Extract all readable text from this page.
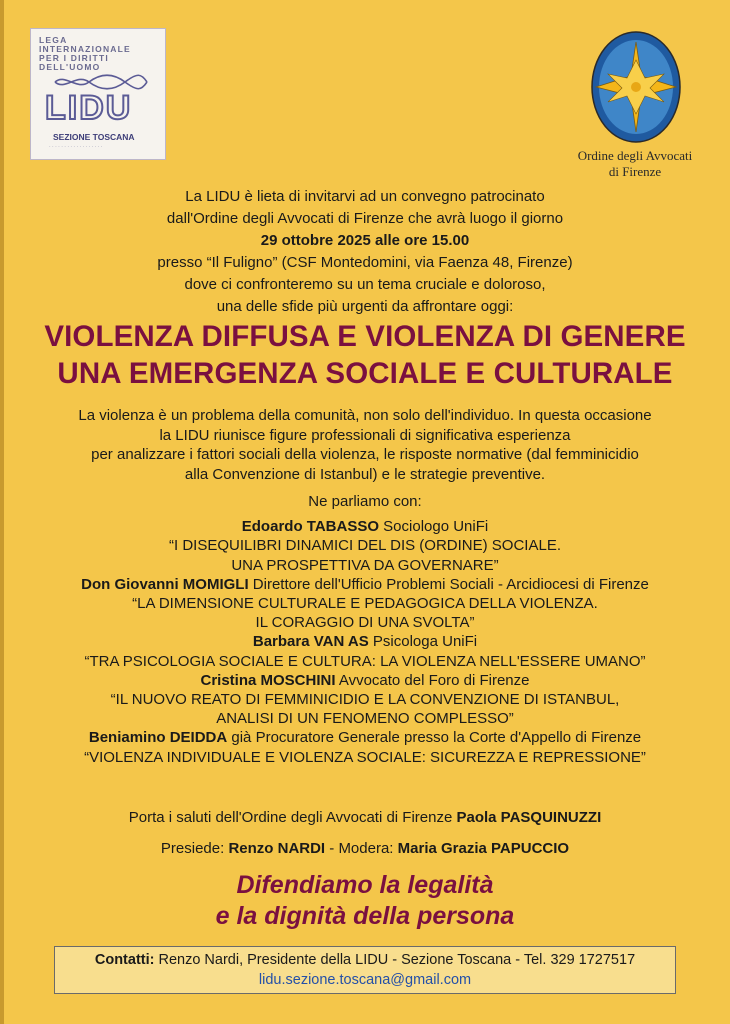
LEGA
INTERNAZIONALE
PER I DIRITTI
DELL'UOMO
LIDU
SEZIONE TOSCANA
· · · · · · · · · · · · · · · · · ·
Ordine degli Avvocati
di Firenze
La LIDU è lieta di invitarvi ad un convegno patrocinato
dall'Ordine degli Avvocati di Firenze che avrà luogo il giorno
29 ottobre 2025 alle ore 15.00
presso “Il Fuligno” (CSF Montedomini, via Faenza 48, Firenze)
dove ci confronteremo su un tema cruciale e doloroso,
una delle sfide più urgenti da affrontare oggi:
VIOLENZA DIFFUSA E VIOLENZA DI GENERE
UNA EMERGENZA SOCIALE E CULTURALE
La violenza è un problema della comunità, non solo dell'individuo. In questa occasione
la LIDU riunisce figure professionali di significativa esperienza
per analizzare i fattori sociali della violenza, le risposte normative (dal femminicidio
alla Convenzione di Istanbul) e le strategie preventive.
Ne parliamo con:
Edoardo TABASSO Sociologo UniFi
“I DISEQUILIBRI DINAMICI DEL DIS (ORDINE) SOCIALE.
UNA PROSPETTIVA DA GOVERNARE”
Don Giovanni MOMIGLI Direttore dell'Ufficio Problemi Sociali - Arcidiocesi di Firenze
“LA DIMENSIONE CULTURALE E PEDAGOGICA DELLA VIOLENZA.
IL CORAGGIO DI UNA SVOLTA”
Barbara VAN AS Psicologa UniFi
“TRA PSICOLOGIA SOCIALE E CULTURA: LA VIOLENZA NELL'ESSERE UMANO”
Cristina MOSCHINI Avvocato del Foro di Firenze
“IL NUOVO REATO DI FEMMINICIDIO E LA CONVENZIONE DI ISTANBUL,
ANALISI DI UN FENOMENO COMPLESSO”
Beniamino DEIDDA già Procuratore Generale presso la Corte d'Appello di Firenze
“VIOLENZA INDIVIDUALE E VIOLENZA SOCIALE: SICUREZZA E REPRESSIONE”
Porta i saluti dell'Ordine degli Avvocati di Firenze Paola PASQUINUZZI
Presiede: Renzo NARDI - Modera: Maria Grazia PAPUCCIO
Difendiamo la legalità
e la dignità della persona
Contatti: Renzo Nardi, Presidente della LIDU - Sezione Toscana - Tel. 329 1727517
lidu.sezione.toscana@gmail.com
